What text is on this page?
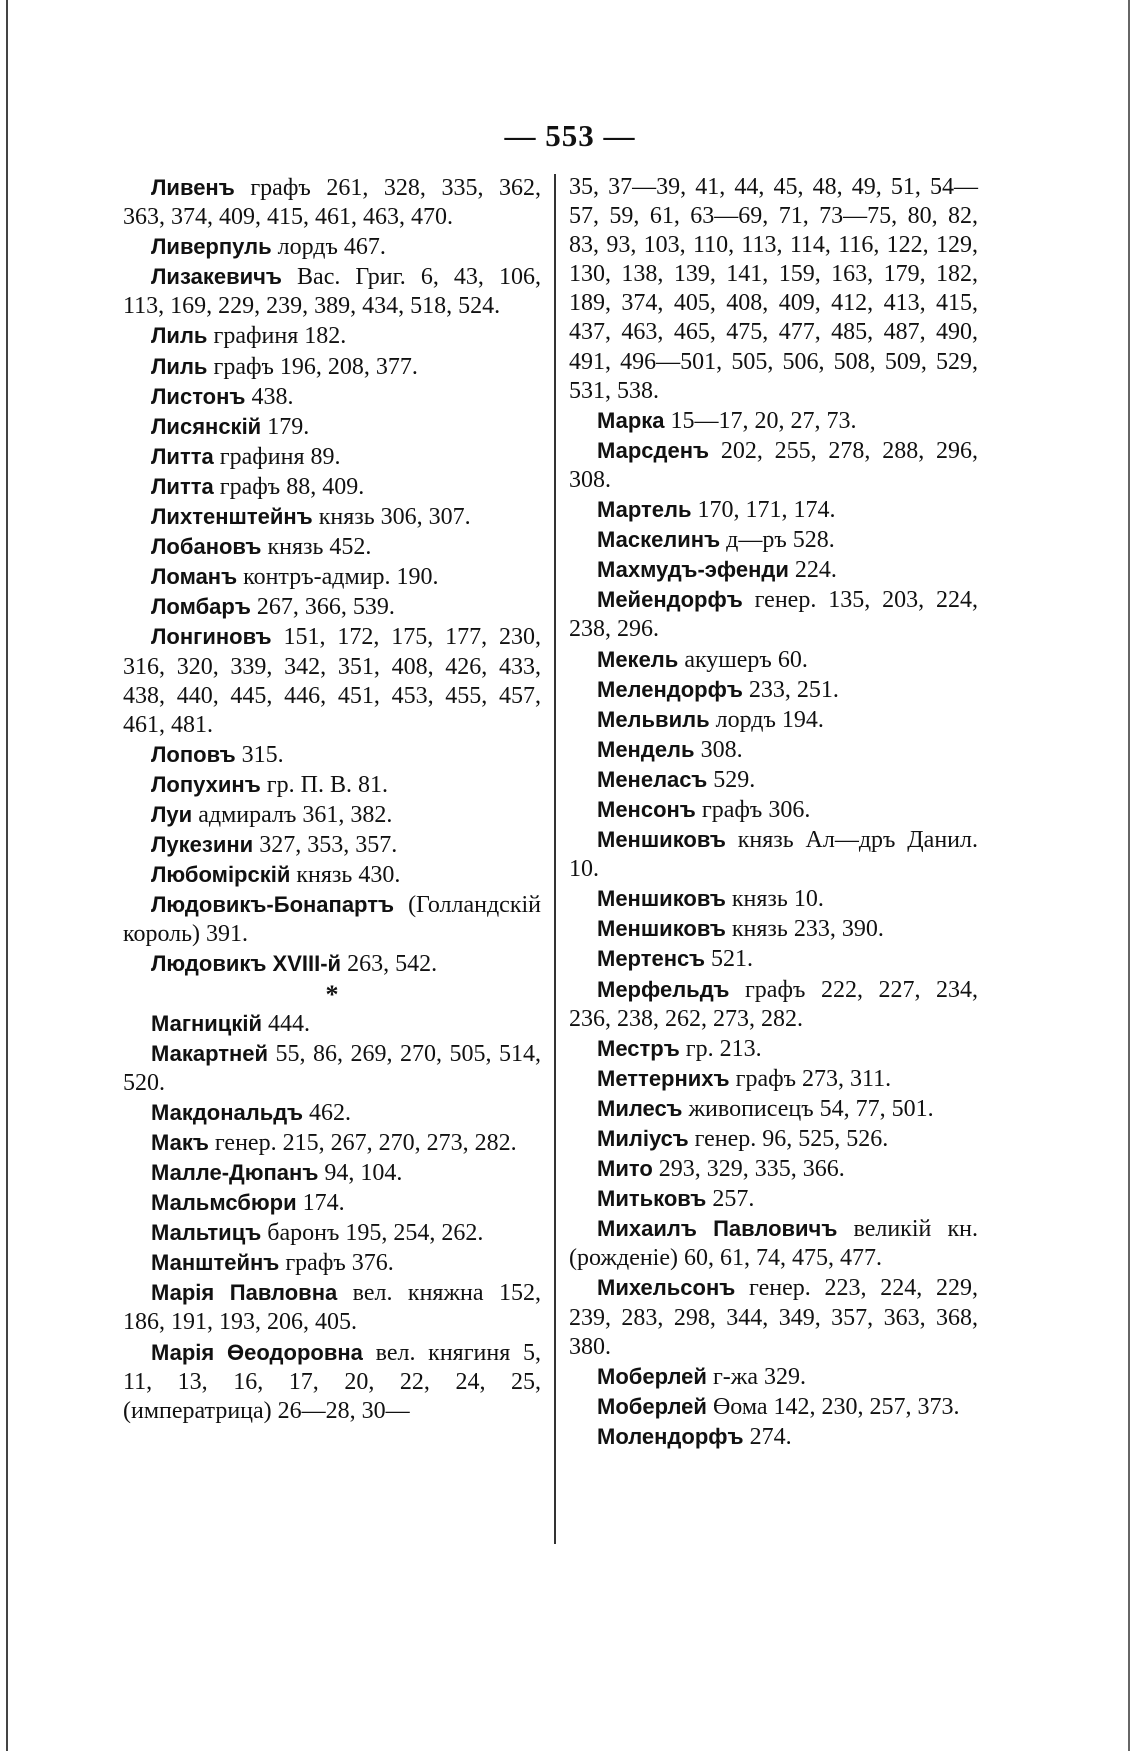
— 553 —
Ливенъ графъ 261, 328, 335, 362, 363, 374, 409, 415, 461, 463, 470.
Ливерпуль лордъ 467.
Лизакевичъ Вас. Григ. 6, 43, 106, 113, 169, 229, 239, 389, 434, 518, 524.
Лиль графиня 182.
Лиль графъ 196, 208, 377.
Листонъ 438.
Лисянскій 179.
Литта графиня 89.
Литта графъ 88, 409.
Лихтенштейнъ князь 306, 307.
Лобановъ князь 452.
Ломанъ контръ-адмир. 190.
Ломбаръ 267, 366, 539.
Лонгиновъ 151, 172, 175, 177, 230, 316, 320, 339, 342, 351, 408, 426, 433, 438, 440, 445, 446, 451, 453, 455, 457, 461, 481.
Лоповъ 315.
Лопухинъ гр. П. В. 81.
Луи адмиралъ 361, 382.
Лукезини 327, 353, 357.
Любомірскій князь 430.
Людовикъ-Бонапартъ (Голландскій король) 391.
Людовикъ XVIII-й 263, 542.
*
Магницкій 444.
Макартней 55, 86, 269, 270, 505, 514, 520.
Макдональдъ 462.
Макъ генер. 215, 267, 270, 273, 282.
Малле-Дюпанъ 94, 104.
Мальмсбюри 174.
Мальтицъ баронъ 195, 254, 262.
Манштейнъ графъ 376.
Марія Павловна вел. княжна 152, 186, 191, 193, 206, 405.
Марія Өеодоровна вел. княгиня 5, 11, 13, 16, 17, 20, 22, 24, 25, (императрица) 26—28, 30—
35, 37—39, 41, 44, 45, 48, 49, 51, 54—57, 59, 61, 63—69, 71, 73—75, 80, 82, 83, 93, 103, 110, 113, 114, 116, 122, 129, 130, 138, 139, 141, 159, 163, 179, 182, 189, 374, 405, 408, 409, 412, 413, 415, 437, 463, 465, 475, 477, 485, 487, 490, 491, 496—501, 505, 506, 508, 509, 529, 531, 538.
Марка 15—17, 20, 27, 73.
Марсденъ 202, 255, 278, 288, 296, 308.
Мартель 170, 171, 174.
Маскелинъ д—ръ 528.
Махмудъ-эфенди 224.
Мейендорфъ генер. 135, 203, 224, 238, 296.
Мекель акушеръ 60.
Мелендорфъ 233, 251.
Мельвиль лордъ 194.
Мендель 308.
Менеласъ 529.
Менсонъ графъ 306.
Меншиковъ князь Ал—дръ Данил. 10.
Меншиковъ князь 10.
Меншиковъ князь 233, 390.
Мертенсъ 521.
Мерфельдъ графъ 222, 227, 234, 236, 238, 262, 273, 282.
Местръ гр. 213.
Меттернихъ графъ 273, 311.
Милесъ живописецъ 54, 77, 501.
Миліусъ генер. 96, 525, 526.
Мито 293, 329, 335, 366.
Митьковъ 257.
Михаилъ Павловичъ великій кн. (рожденіе) 60, 61, 74, 475, 477.
Михельсонъ генер. 223, 224, 229, 239, 283, 298, 344, 349, 357, 363, 368, 380.
Моберлей г-жа 329.
Моберлей Өома 142, 230, 257, 373.
Молендорфъ 274.
